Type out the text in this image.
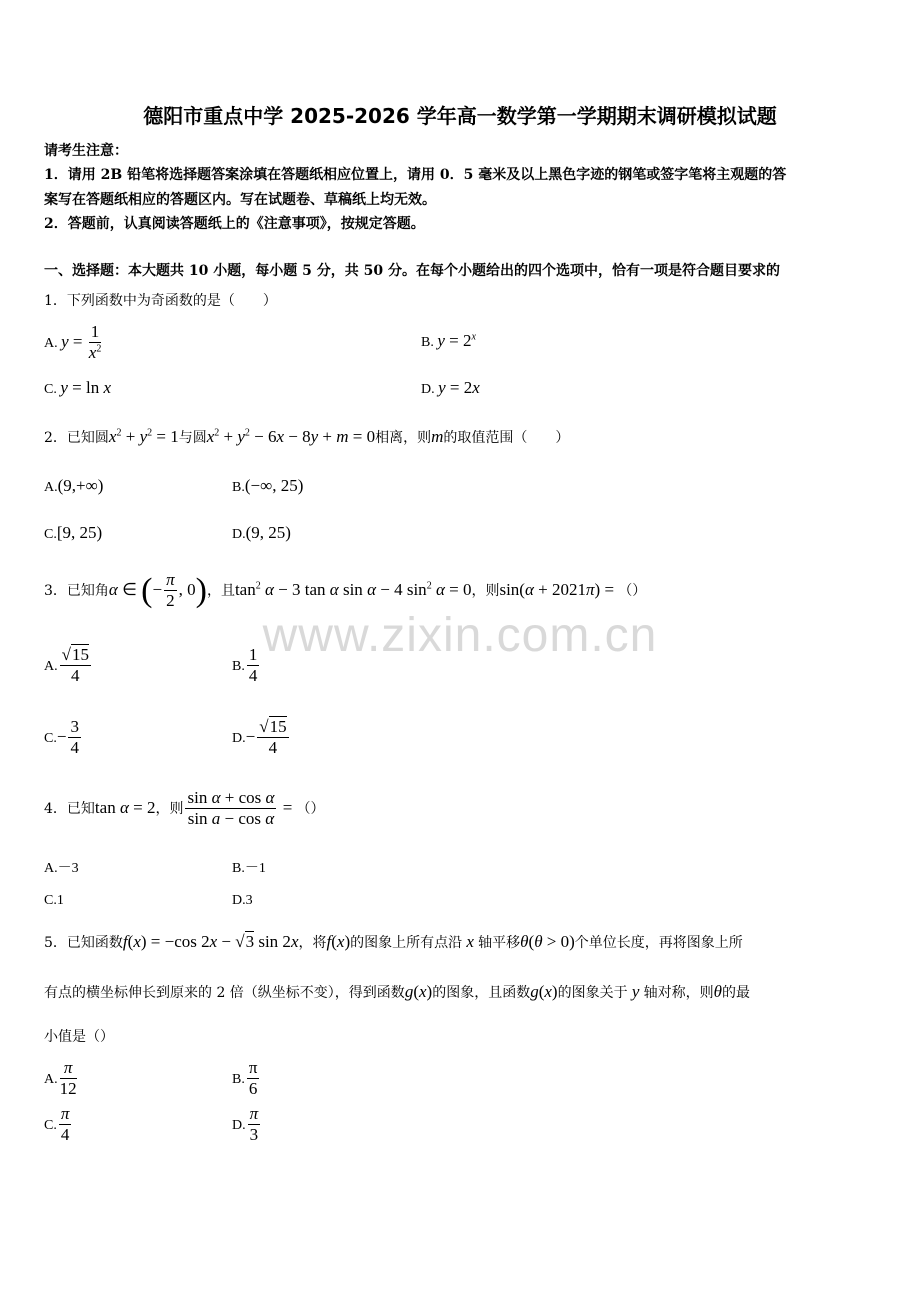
德阳市重点中学 2025-2026 学年高一数学第一学期期末调研模拟试题
请考生注意：
1．请用 2B 铅笔将选择题答案涂填在答题纸相应位置上，请用 0．5 毫米及以上黑色字迹的钢笔或签字笔将主观题的答
案写在答题纸相应的答题区内。写在试题卷、草稿纸上均无效。
2．答题前，认真阅读答题纸上的《注意事项》，按规定答题。
一、选择题：本大题共 10 小题，每小题 5 分，共 50 分。在每个小题给出的四个选项中，恰有一项是符合题目要求的
www.zixin.com.cn
1．下列函数中为奇函数的是（　　）
A. $y = \frac{1}{x^2}$	B. $y = 2^x$
C. y = ln x	D. y = 2x
2．已知圆$x^2 + y^2 = 1$与圆$x^2 + y^2 - 6x - 8y + m = 0$相离，则m的取值范围（　　）
A.(9,+∞)	B.(−∞, 25)
C.[9, 25)	D.(9, 25)
3．已知角α ∈ (− $\frac{\pi}{2}$ , 0)，且$\tan^2 \alpha - 3$ tan α sin α − 4 $\sin^2 \alpha = 0$，则sin(α + 2021π) = （）
A. $\frac{√15}{4}$	B. $\frac{1}{4}$
$C.- \frac{3}{4}$	$D.- \frac{√15}{4}$
4．已知tan α = 2，则 $\frac{\text{sin α + cos α}}{\text{sin a − cos α}}$ = （）
A.－3	B.－1
C.1	D.3
5．已知函数f(x) = −cos 2x − √3 sin 2x，将f(x)的图象上所有点沿 x 轴平移θ(θ > 0)个单位长度，再将图象上所
有点的横坐标伸长到原来的 2 倍（纵坐标不变），得到函数g(x)的图象，且函数g(x)的图象关于 y 轴对称，则θ的最
小值是（）
A. $\frac{\pi}{12}$	B. $\frac{\pi}{6}$
C. $\frac{\pi}{4}$	D. $\frac{\pi}{3}$
